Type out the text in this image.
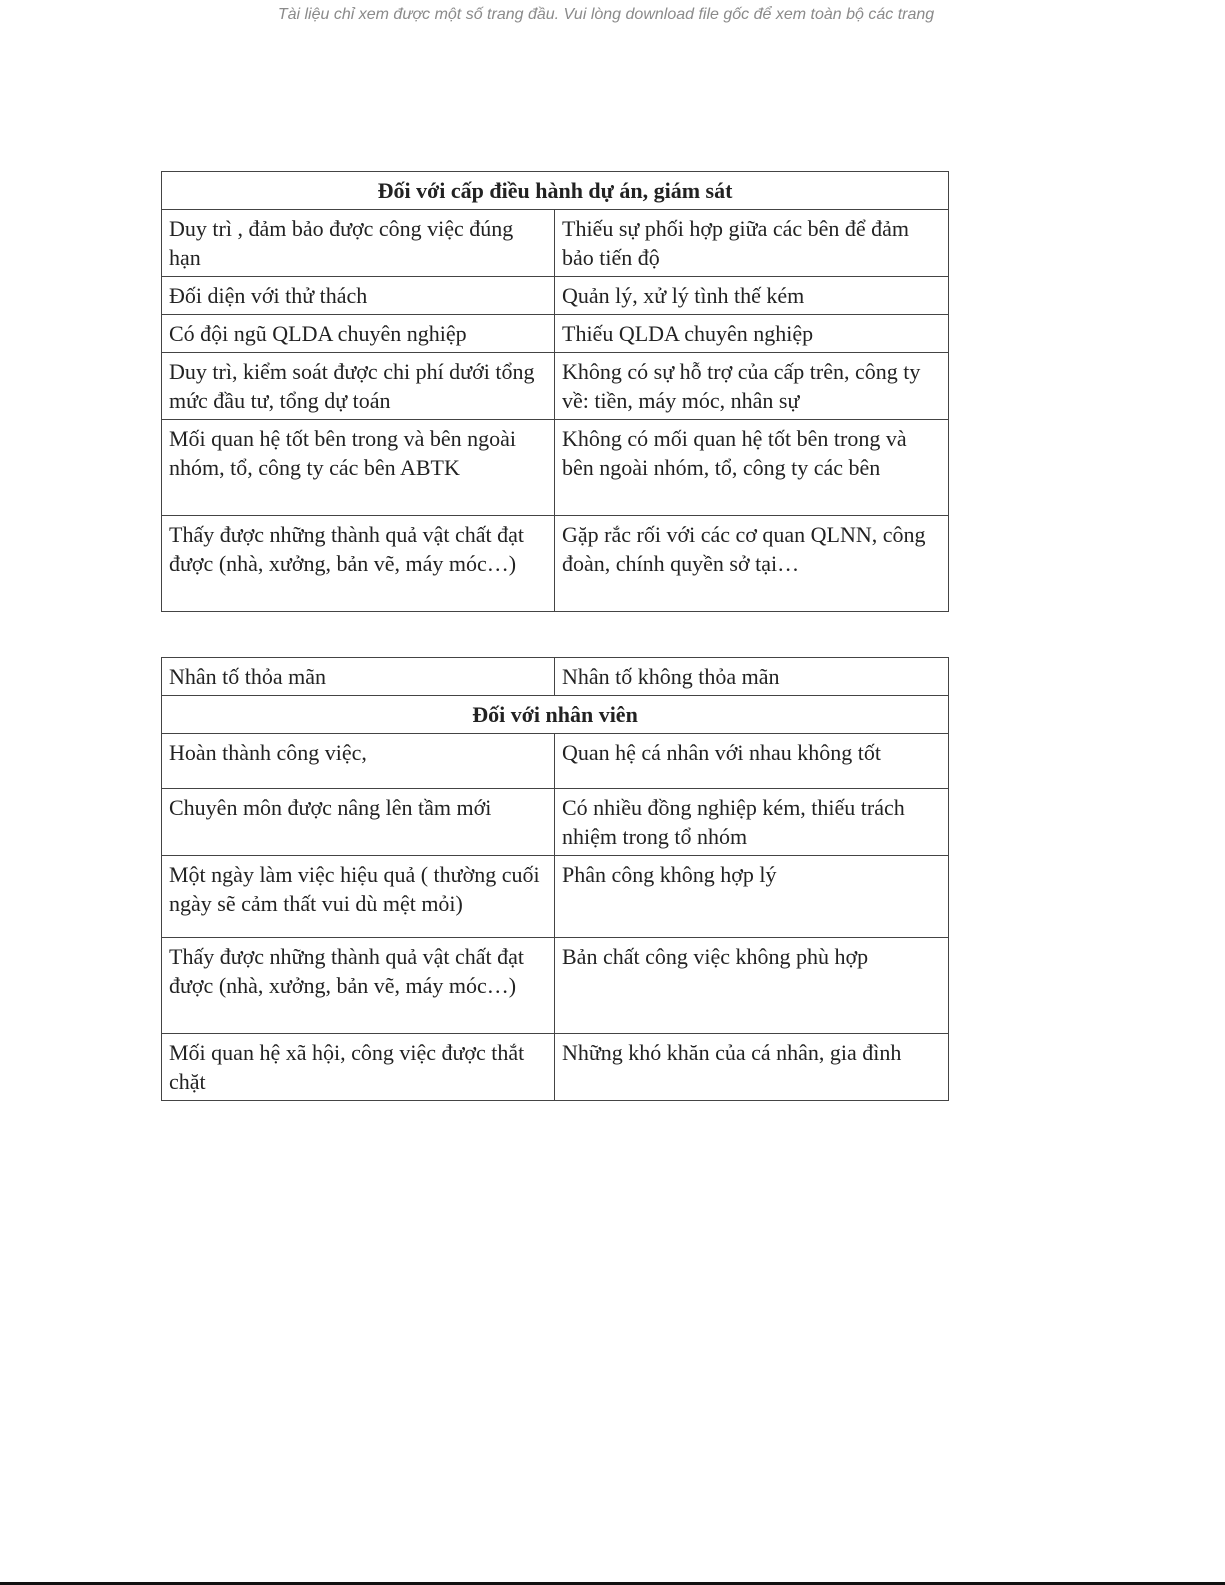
Tài liệu chỉ xem được một số trang đầu. Vui lòng download file gốc để xem toàn bộ các trang
Đối với cấp điều hành dự án, giám sát	
Duy trì , đảm bảo được công việc đúng hạn	Thiếu sự phối hợp giữa các bên để đảm bảo tiến độ
Đối diện với thử thách	Quản lý, xử lý tình thế kém
Có đội ngũ QLDA chuyên nghiệp	Thiếu QLDA chuyên nghiệp
Duy trì, kiểm soát được chi phí dưới tổng mức đầu tư, tổng dự toán	Không có sự hỗ trợ của cấp trên, công ty về: tiền, máy móc, nhân sự
Mối quan hệ tốt bên trong và bên ngoài nhóm, tổ, công ty các bên ABTK	Không có mối quan hệ tốt bên trong và bên ngoài nhóm, tổ, công ty các bên
Thấy được những thành quả vật chất đạt được (nhà, xưởng, bản vẽ, máy móc…)	Gặp rắc rối với các cơ quan QLNN, công đoàn, chính quyền sở tại…
Nhân tố thỏa mãn	Nhân tố không thỏa mãn
Đối với nhân viên	
Hoàn thành công việc,	Quan hệ cá nhân với nhau không tốt
Chuyên môn được nâng lên tầm mới	Có nhiều đồng nghiệp kém, thiếu trách nhiệm trong tổ nhóm
Một ngày làm việc hiệu quả ( thường cuối ngày sẽ cảm thất vui dù mệt mỏi)	Phân công không hợp lý
Thấy được những thành quả vật chất đạt được (nhà, xưởng, bản vẽ, máy móc…)	Bản chất công việc không phù hợp
Mối quan hệ xã hội, công việc được thắt chặt	Những khó khăn của cá nhân, gia đình
